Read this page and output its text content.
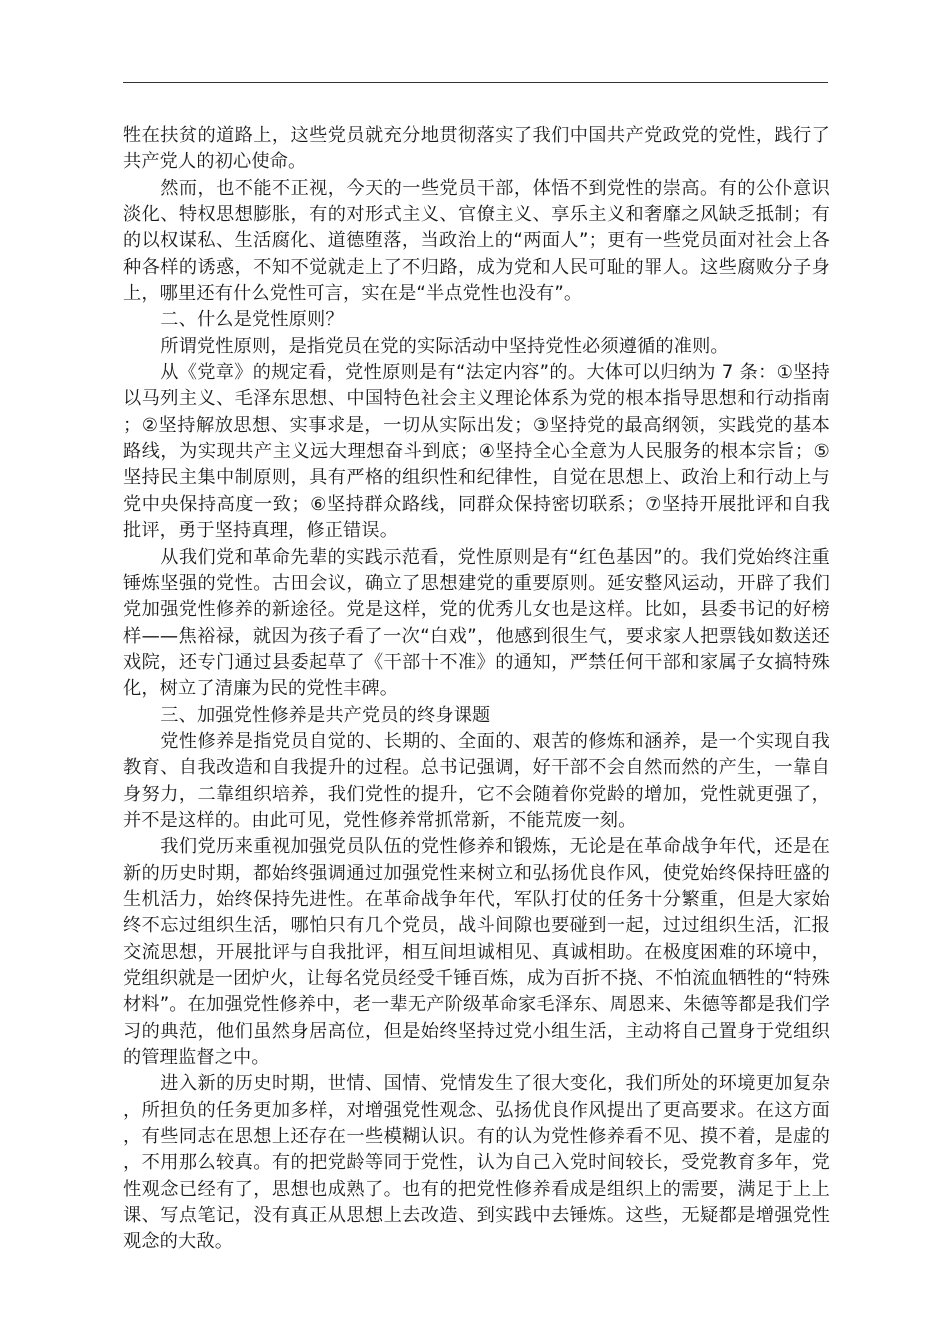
牲在扶贫的道路上，这些党员就充分地贯彻落实了我们中国共产党政党的党性，践行了共产党人的初心使命。

然而，也不能不正视，今天的一些党员干部，体悟不到党性的崇高。有的公仆意识淡化、特权思想膨胀，有的对形式主义、官僚主义、享乐主义和奢靡之风缺乏抵制；有的以权谋私、生活腐化、道德堕落，当政治上的“两面人”；更有一些党员面对社会上各种各样的诱惑，不知不觉就走上了不归路，成为党和人民可耻的罪人。这些腐败分子身上，哪里还有什么党性可言，实在是“半点党性也没有”。

二、什么是党性原则？

所谓党性原则，是指党员在党的实际活动中坚持党性必须遵循的准则。

从《党章》的规定看，党性原则是有“法定内容”的。大体可以归纳为 7 条：①坚持以马列主义、毛泽东思想、中国特色社会主义理论体系为党的根本指导思想和行动指南；②坚持解放思想、实事求是，一切从实际出发；③坚持党的最高纲领，实践党的基本路线，为实现共产主义远大理想奋斗到底；④坚持全心全意为人民服务的根本宗旨；⑤坚持民主集中制原则，具有严格的组织性和纪律性，自觉在思想上、政治上和行动上与党中央保持高度一致；⑥坚持群众路线，同群众保持密切联系；⑦坚持开展批评和自我批评，勇于坚持真理，修正错误。

从我们党和革命先辈的实践示范看，党性原则是有“红色基因”的。我们党始终注重锤炼坚强的党性。古田会议，确立了思想建党的重要原则。延安整风运动，开辟了我们党加强党性修养的新途径。党是这样，党的优秀儿女也是这样。比如，县委书记的好榜样——焦裕禄，就因为孩子看了一次“白戏”，他感到很生气，要求家人把票钱如数送还戏院，还专门通过县委起草了《干部十不准》的通知，严禁任何干部和家属子女搞特殊化，树立了清廉为民的党性丰碑。

三、加强党性修养是共产党员的终身课题

党性修养是指党员自觉的、长期的、全面的、艰苦的修炼和涵养，是一个实现自我教育、自我改造和自我提升的过程。总书记强调，好干部不会自然而然的产生，一靠自身努力，二靠组织培养，我们党性的提升，它不会随着你党龄的增加，党性就更强了，并不是这样的。由此可见，党性修养常抓常新，不能荒废一刻。

我们党历来重视加强党员队伍的党性修养和锻炼，无论是在革命战争年代，还是在新的历史时期，都始终强调通过加强党性来树立和弘扬优良作风，使党始终保持旺盛的生机活力，始终保持先进性。在革命战争年代，军队打仗的任务十分繁重，但是大家始终不忘过组织生活，哪怕只有几个党员，战斗间隙也要碰到一起，过过组织生活，汇报交流思想，开展批评与自我批评，相互间坦诚相见、真诚相助。在极度困难的环境中，党组织就是一团炉火，让每名党员经受千锤百炼，成为百折不挠、不怕流血牺牲的“特殊材料”。在加强党性修养中，老一辈无产阶级革命家毛泽东、周恩来、朱德等都是我们学习的典范，他们虽然身居高位，但是始终坚持过党小组生活，主动将自己置身于党组织的管理监督之中。

进入新的历史时期，世情、国情、党情发生了很大变化，我们所处的环境更加复杂，所担负的任务更加多样，对增强党性观念、弘扬优良作风提出了更高要求。在这方面，有些同志在思想上还存在一些模糊认识。有的认为党性修养看不见、摸不着，是虚的，不用那么较真。有的把党龄等同于党性，认为自己入党时间较长，受党教育多年，党性观念已经有了，思想也成熟了。也有的把党性修养看成是组织上的需要，满足于上上课、写点笔记，没有真正从思想上去改造、到实践中去锤炼。这些，无疑都是增强党性观念的大敌。
